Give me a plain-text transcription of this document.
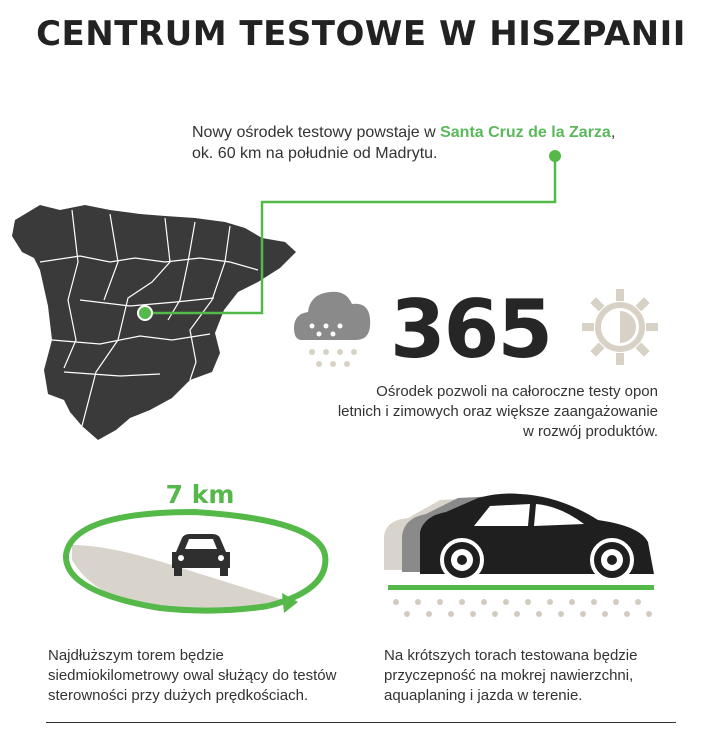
CENTRUM TESTOWE W HISZPANII
Nowy ośrodek testowy powstaje w Santa Cruz de la Zarza,
ok. 60 km na południe od Madrytu.
365
Ośrodek pozwoli na całoroczne testy opon
letnich i zimowych oraz większe zaangażowanie
w rozwój produktów.
7 km
Najdłuższym torem będzie
siedmiokilometrowy owal służący do testów
sterowności przy dużych prędkościach.
Na krótszych torach testowana będzie
przyczepność na mokrej nawierzchni,
aquaplaning i jazda w terenie.
